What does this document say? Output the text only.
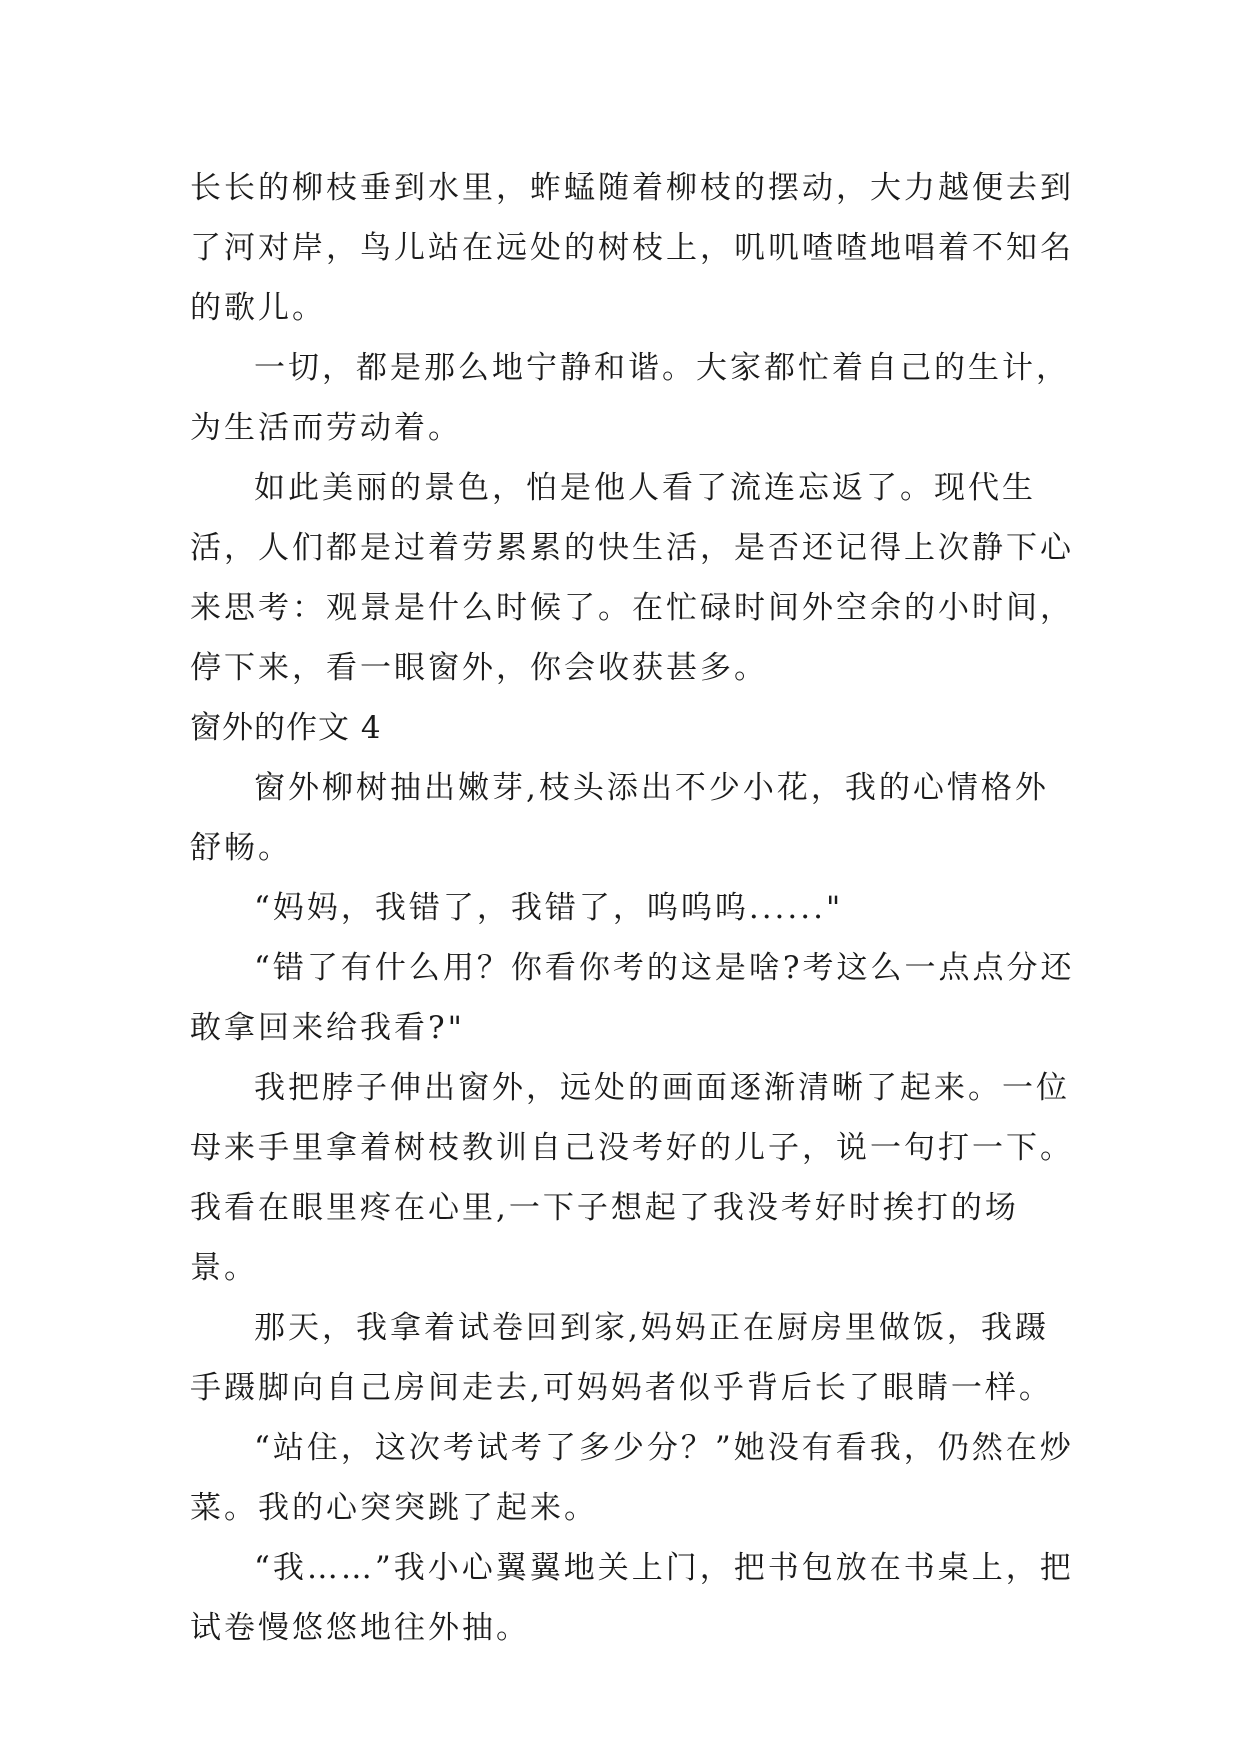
长长的柳枝垂到水里，蚱蜢随着柳枝的摆动，大力越便去到了河对岸，鸟儿站在远处的树枝上，叽叽喳喳地唱着不知名的歌儿。

一切，都是那么地宁静和谐。大家都忙着自己的生计，为生活而劳动着。

如此美丽的景色，怕是他人看了流连忘返了。现代生活，人们都是过着劳累累的快生活，是否还记得上次静下心来思考：观景是什么时候了。在忙碌时间外空余的小时间，停下来，看一眼窗外，你会收获甚多。

窗外的作文 4

窗外柳树抽出嫩芽,枝头添出不少小花，我的心情格外舒畅。

“妈妈，我错了，我错了，呜呜呜......"

“错了有什么用？你看你考的这是啥?考这么一点点分还敢拿回来给我看?"

我把脖子伸出窗外，远处的画面逐渐清晰了起来。一位母来手里拿着树枝教训自己没考好的儿子，说一句打一下。我看在眼里疼在心里,一下子想起了我没考好时挨打的场景。

那天，我拿着试卷回到家,妈妈正在厨房里做饭，我蹑手蹑脚向自己房间走去,可妈妈者似乎背后长了眼睛一样。

“站住，这次考试考了多少分？”她没有看我，仍然在炒菜。我的心突突跳了起来。

“我……”我小心翼翼地关上门，把书包放在书桌上，把试卷慢悠悠地往外抽。
